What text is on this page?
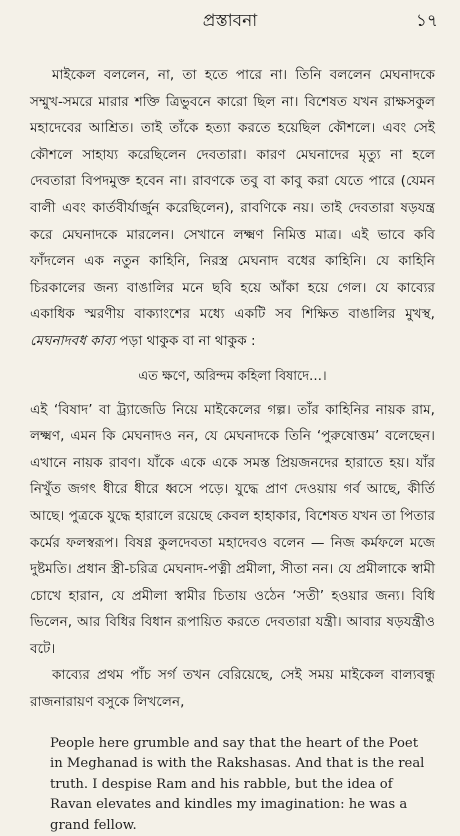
প্রস্তাবনা	১৭

মাইকেল বললেন, না, তা হতে পারে না। তিনি বললেন মেঘনাদকে সম্মুখ-সমরে মারার শক্তি ত্রিভুবনে কারো ছিল না। বিশেষত যখন রাক্ষসকুল মহাদেবের আশ্রিত। তাই তাঁকে হত্যা করতে হয়েছিল কৌশলে। এবং সেই কৌশলে সাহায্য করেছিলেন দেবতারা। কারণ মেঘনাদের মৃত্যু না হলে দেবতারা বিপদমুক্ত হবেন না। রাবণকে তবু বা কাবু করা যেতে পারে (যেমন বালী এবং কার্তবীর্যার্জুন করেছিলেন), রাবণিকে নয়। তাই দেবতারা ষড়যন্ত্র করে মেঘনাদকে মারলেন। সেখানে লক্ষ্মণ নিমিত্ত মাত্র। এই ভাবে কবি ফাঁদলেন এক নতুন কাহিনি, নিরস্ত্র মেঘনাদ বধের কাহিনি। যে কাহিনি চিরকালের জন্য বাঙালির মনে ছবি হয়ে আঁকা হয়ে গেল। যে কাব্যের একাধিক স্মরণীয় বাক্যাংশের মধ্যে একটি সব শিক্ষিত বাঙালির মুখস্থ, মেঘনাদবধ কাব্য পড়া থাকুক বা না থাকুক :

এত ক্ষণে, অরিন্দম কহিলা বিষাদে…।

এই ‘বিষাদ’ বা ট্র্যাজেডি নিয়ে মাইকেলের গল্প। তাঁর কাহিনির নায়ক রাম, লক্ষ্মণ, এমন কি মেঘনাদও নন, যে মেঘনাদকে তিনি ‘পুরুষোত্তম’ বলেছেন। এখানে নায়ক রাবণ। যাঁকে একে একে সমস্ত প্রিয়জনদের হারাতে হয়। যাঁর নিখুঁত জগৎ ধীরে ধীরে ধ্বসে পড়ে। যুদ্ধে প্রাণ দেওয়ায় গর্ব আছে, কীর্তি আছে। পুত্রকে যুদ্ধে হারালে রয়েছে কেবল হাহাকার, বিশেষত যখন তা পিতার কর্মের ফলস্বরূপ। বিষণ্ণ কুলদেবতা মহাদেবও বলেন — নিজ কর্মফলে মজে দুষ্টমতি। প্রধান স্ত্রী-চরিত্র মেঘনাদ-পত্নী প্রমীলা, সীতা নন। যে প্রমীলাকে স্বামী চোখে হারান, যে প্রমীলা স্বামীর চিতায় ওঠেন ‘সতী’ হওয়ার জন্য। বিধি ভিলেন, আর বিধির বিধান রূপায়িত করতে দেবতারা যন্ত্রী। আবার ষড়যন্ত্রীও বটে।

কাব্যের প্রথম পাঁচ সর্গ তখন বেরিয়েছে, সেই সময় মাইকেল বাল্যবন্ধু রাজনারায়ণ বসুকে লিখলেন,

People here grumble and say that the heart of the Poet in Meghanad is with the Rakshasas. And that is the real truth. I despise Ram and his rabble, but the idea of Ravan elevates and kindles my imagination: he was a grand fellow.
